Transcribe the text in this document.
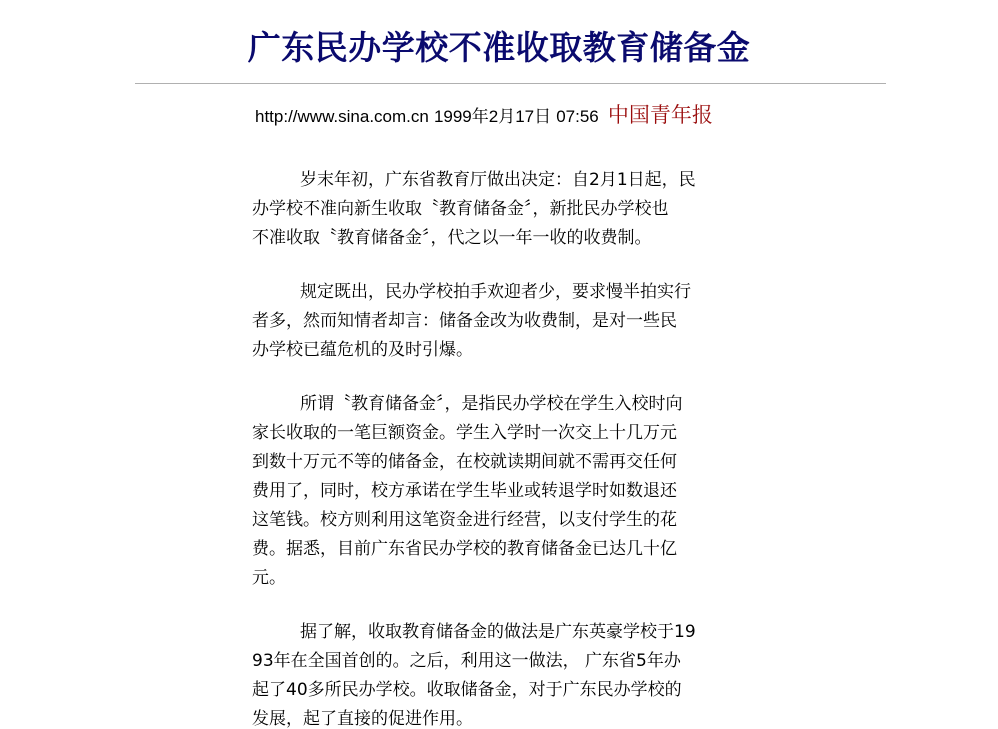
广东民办学校不准收取教育储备金
http://www.sina.com.cn 1999年2月17日 07:56 中国青年报

岁末年初，广东省教育厅做出决定：自2月1日起，民
办学校不准向新生收取〝教育储备金〞，新批民办学校也
不准收取〝教育储备金〞，代之以一年一收的收费制。

规定既出，民办学校拍手欢迎者少，要求慢半拍实行
者多，然而知情者却言：储备金改为收费制，是对一些民
办学校已蕴危机的及时引爆。

所谓〝教育储备金〞，是指民办学校在学生入校时向
家长收取的一笔巨额资金。学生入学时一次交上十几万元
到数十万元不等的储备金，在校就读期间就不需再交任何
费用了，同时，校方承诺在学生毕业或转退学时如数退还
这笔钱。校方则利用这笔资金进行经营，以支付学生的花
费。据悉，目前广东省民办学校的教育储备金已达几十亿
元。

据了解，收取教育储备金的做法是广东英豪学校于19
93年在全国首创的。之后，利用这一做法， 广东省5年办
起了40多所民办学校。收取储备金，对于广东民办学校的
发展，起了直接的促进作用。
